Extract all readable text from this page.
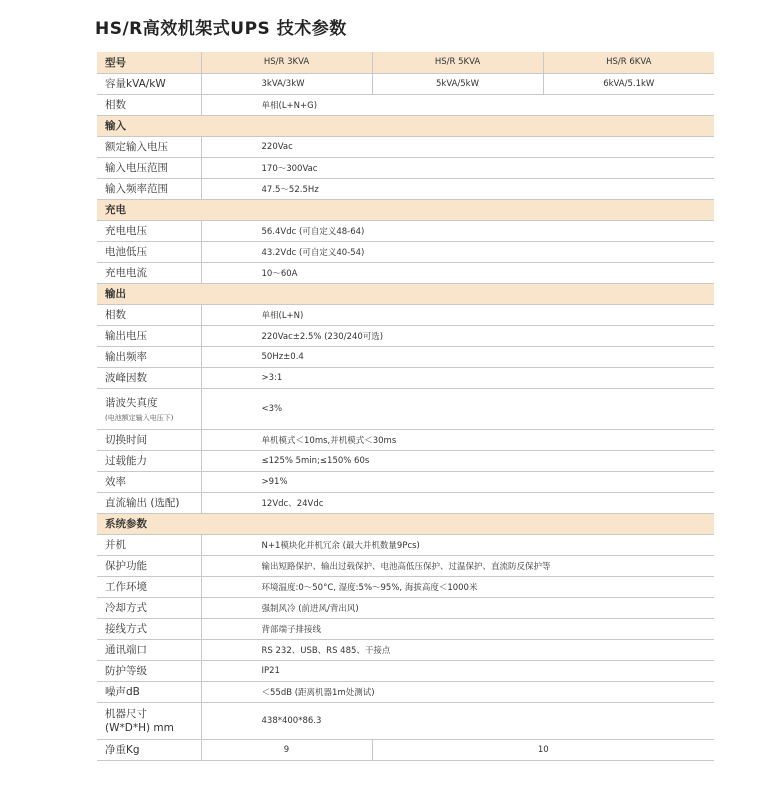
HS/R高效机架式UPS 技术参数
型号	HS/R 3KVA	HS/R 5KVA	HS/R 6KVA
容量kVA/kW	3kVA/3kW	5kVA/5kW	6kVA/5.1kW
相数	单相(L+N+G)		
输入			
额定输入电压	220Vac		
输入电压范围	170～300Vac		
输入频率范围	47.5～52.5Hz		
充电			
充电电压	56.4Vdc (可自定义48-64)		
电池低压	43.2Vdc (可自定义40-54)		
充电电流	10～60A		
输出			
相数	单相(L+N)		
输出电压	220Vac±2.5% (230/240可选)		
输出频率	50Hz±0.4		
波峰因数	>3:1		
谐波失真度
(电池额定输入电压下)	<3%		
切换时间	单机模式＜10ms,并机模式＜30ms		
过载能力	≤125% 5min;≤150% 60s		
效率	>91%		
直流输出 (选配)	12Vdc、24Vdc		
系统参数			
并机	N+1模块化并机冗余 (最大并机数量9Pcs)		
保护功能	输出短路保护、输出过载保护、电池高低压保护、过温保护、直流防反保护等		
工作环境	环境温度:0～50°C, 湿度:5%～95%, 海拔高度＜1000米		
冷却方式	强制风冷 (前进风/背出风)		
接线方式	背部端子排接线		
通讯端口	RS 232、USB、RS 485、干接点		
防护等级	IP21		
噪声dB	＜55dB (距离机器1m处测试)		
机器尺寸
(W*D*H) mm	438*400*86.3		
净重Kg	9	10	
